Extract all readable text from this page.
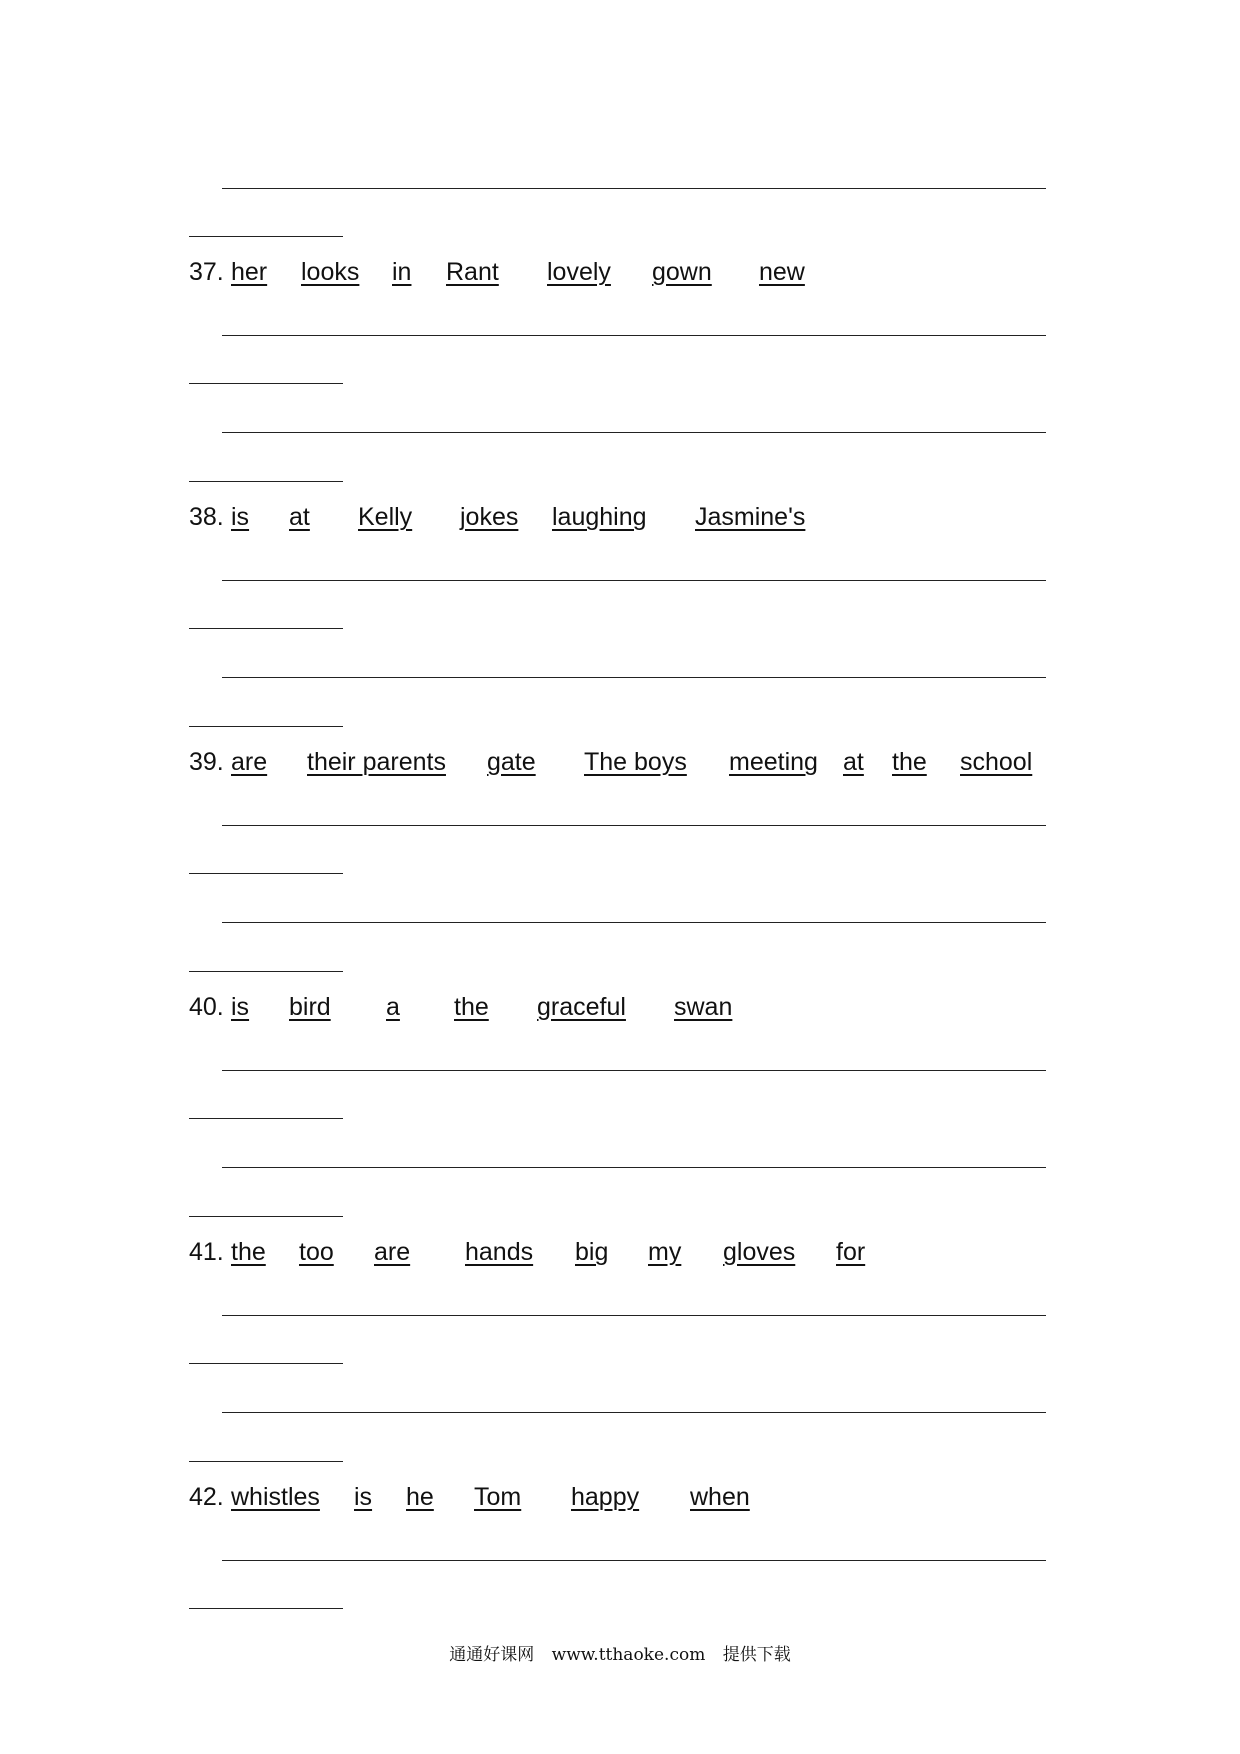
37. her looks in Rant lovely gown new
38. is at Kelly jokes laughing Jasmine's
39. are their parents gate The boys meeting at the school
40. is bird a the graceful swan
41. the too are hands big my gloves for
42. whistles is he Tom happy when
通通好课网 www.tthaoke.com 提供下载
